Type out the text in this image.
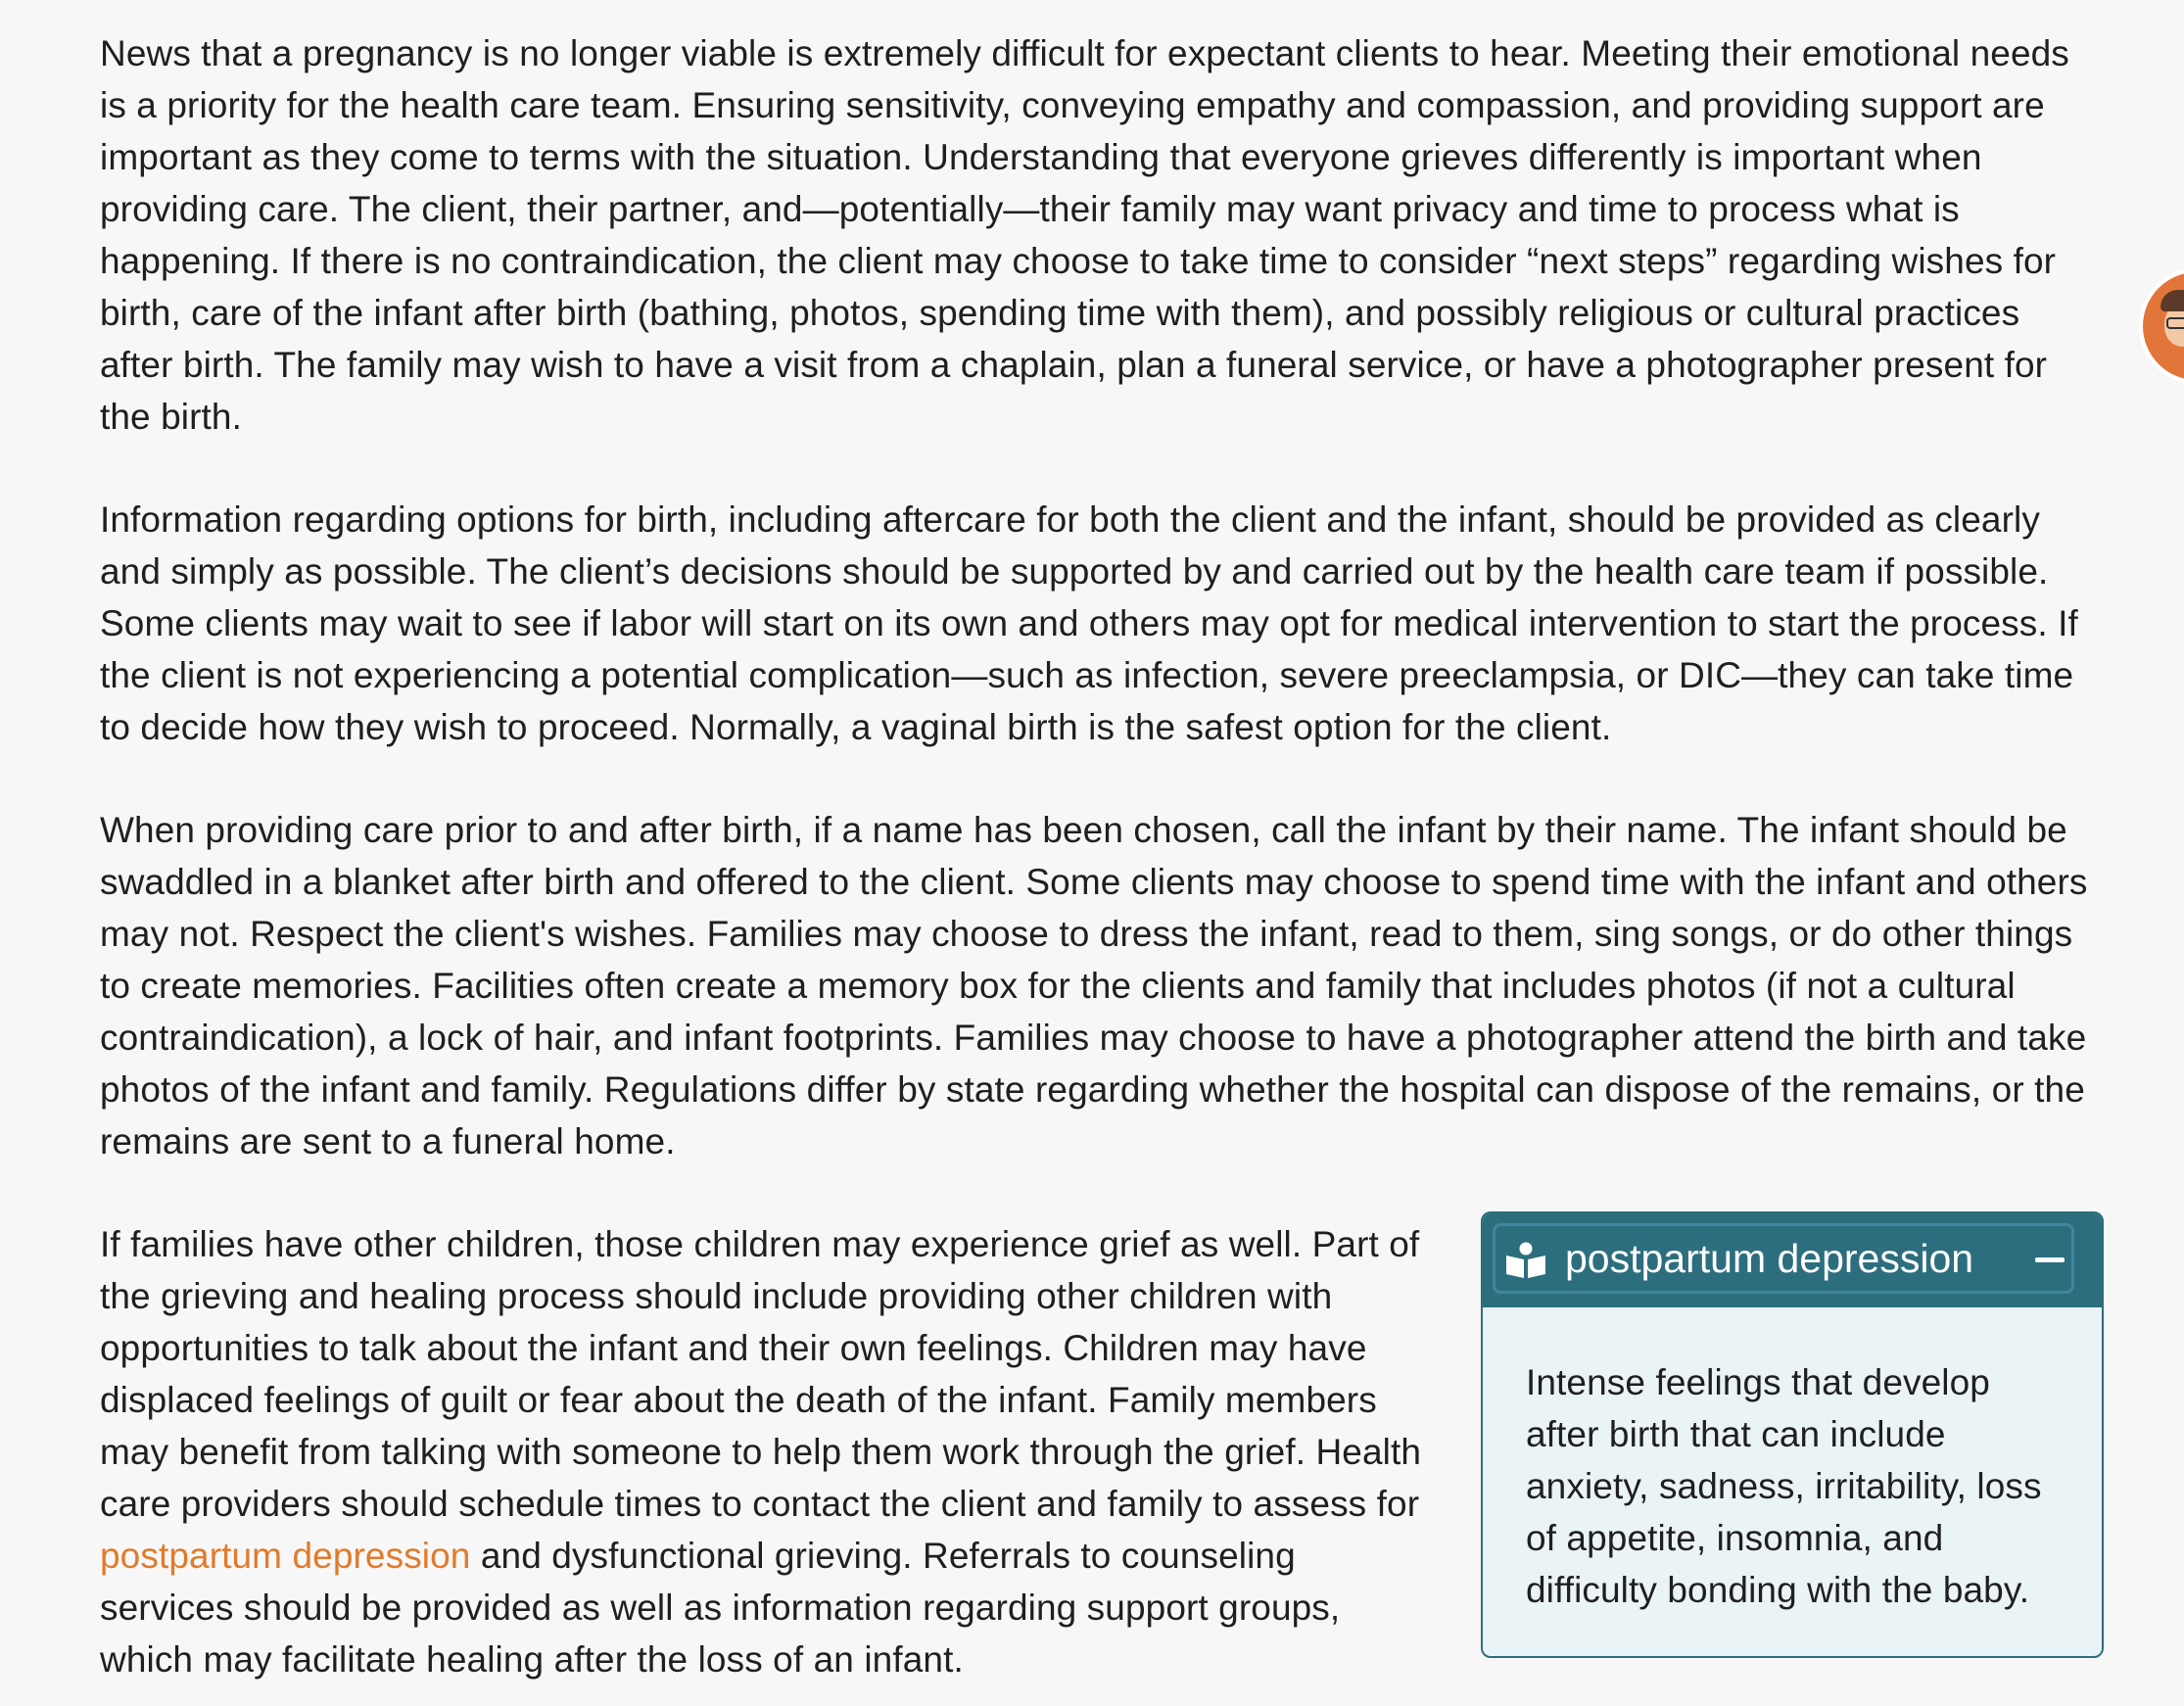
News that a pregnancy is no longer viable is extremely difficult for expectant clients to hear. Meeting their emotional needs is a priority for the health care team. Ensuring sensitivity, conveying empathy and compassion, and providing support are important as they come to terms with the situation. Understanding that everyone grieves differently is important when providing care. The client, their partner, and—potentially—their family may want privacy and time to process what is happening. If there is no contraindication, the client may choose to take time to consider “next steps” regarding wishes for birth, care of the infant after birth (bathing, photos, spending time with them), and possibly religious or cultural practices after birth. The family may wish to have a visit from a chaplain, plan a funeral service, or have a photographer present for the birth.

Information regarding options for birth, including aftercare for both the client and the infant, should be provided as clearly and simply as possible. The client’s decisions should be supported by and carried out by the health care team if possible. Some clients may wait to see if labor will start on its own and others may opt for medical intervention to start the process. If the client is not experiencing a potential complication—such as infection, severe preeclampsia, or DIC—they can take time to decide how they wish to proceed. Normally, a vaginal birth is the safest option for the client.

When providing care prior to and after birth, if a name has been chosen, call the infant by their name. The infant should be swaddled in a blanket after birth and offered to the client. Some clients may choose to spend time with the infant and others may not. Respect the client's wishes. Families may choose to dress the infant, read to them, sing songs, or do other things to create memories. Facilities often create a memory box for the clients and family that includes photos (if not a cultural contraindication), a lock of hair, and infant footprints. Families may choose to have a photographer attend the birth and take photos of the infant and family. Regulations differ by state regarding whether the hospital can dispose of the remains, or the remains are sent to a funeral home.

If families have other children, those children may experience grief as well. Part of the grieving and healing process should include providing other children with opportunities to talk about the infant and their own feelings. Children may have displaced feelings of guilt or fear about the death of the infant. Family members may benefit from talking with someone to help them work through the grief. Health care providers should schedule times to contact the client and family to assess for postpartum depression and dysfunctional grieving. Referrals to counseling services should be provided as well as information regarding support groups, which may facilitate healing after the loss of an infant.

postpartum depression

Intense feelings that develop after birth that can include anxiety, sadness, irritability, loss of appetite, insomnia, and difficulty bonding with the baby.
